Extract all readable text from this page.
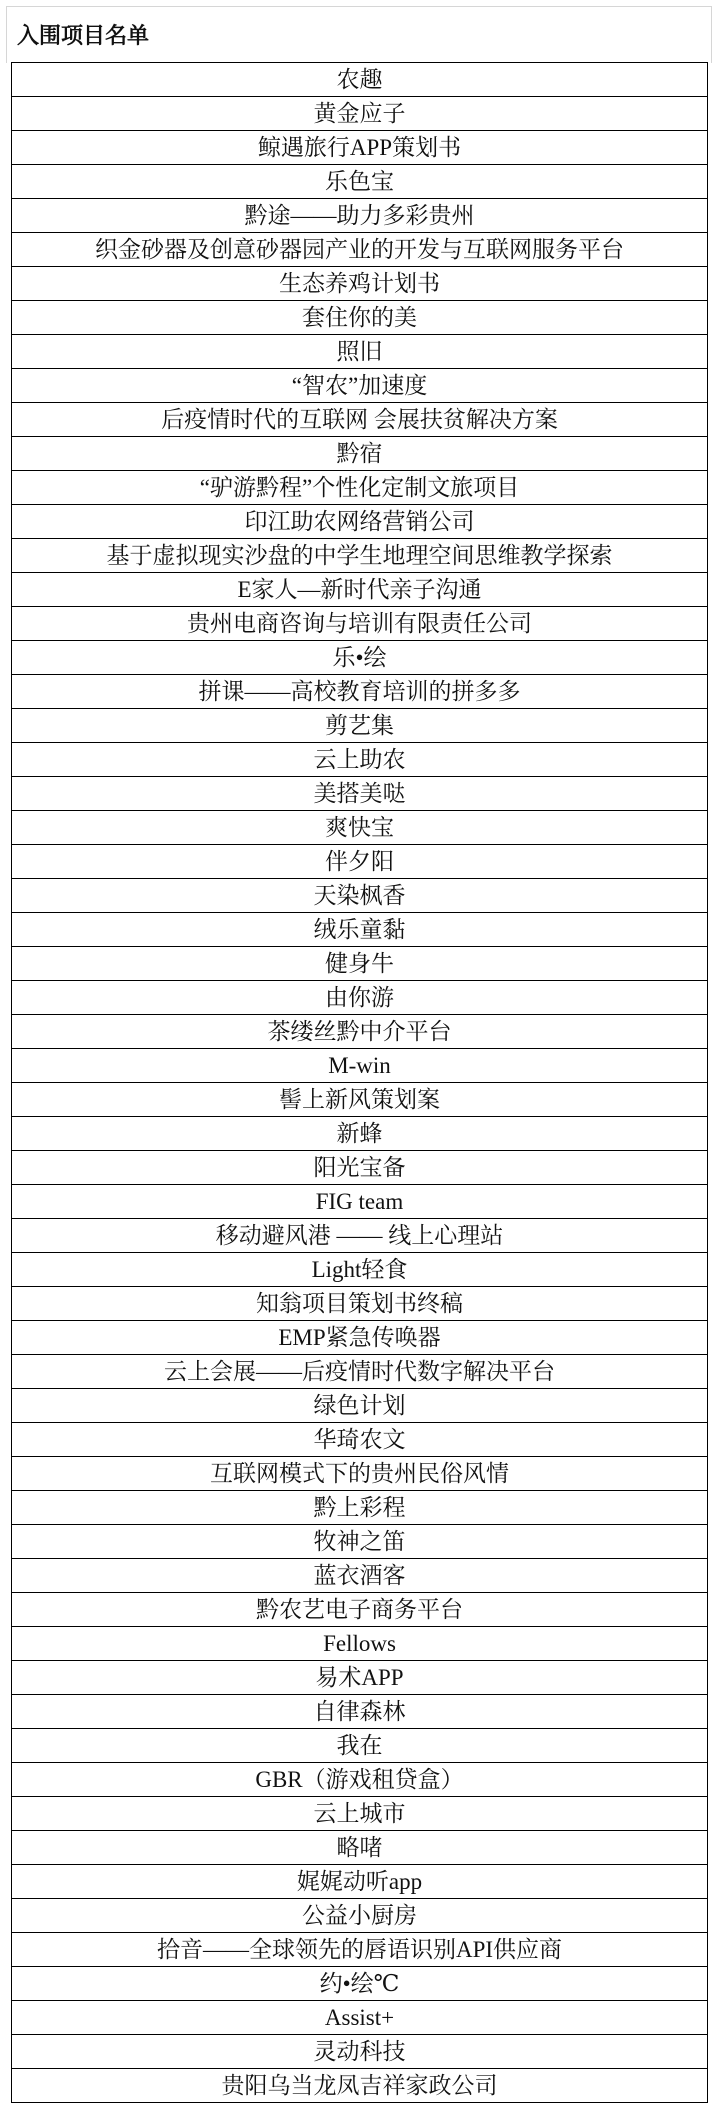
入围项目名单
农趣
黄金应子
鲸遇旅行APP策划书
乐色宝
黔途——助力多彩贵州
织金砂器及创意砂器园产业的开发与互联网服务平台
生态养鸡计划书
套住你的美
照旧
“智农”加速度
后疫情时代的互联网 会展扶贫解决方案
黔宿
“驴游黔程”个性化定制文旅项目
印江助农网络营销公司
基于虚拟现实沙盘的中学生地理空间思维教学探索
E家人—新时代亲子沟通
贵州电商咨询与培训有限责任公司
乐•绘
拼课——高校教育培训的拼多多
剪艺集
云上助农
美搭美哒
爽快宝
伴夕阳
天染枫香
绒乐童黏
健身牛
由你游
茶缕丝黔中介平台
M-win
髻上新风策划案
新蜂
阳光宝备
FIG team
移动避风港 —— 线上心理站
Light轻食
知翁项目策划书终稿
EMP紧急传唤器
云上会展——后疫情时代数字解决平台
绿色计划
华琦农文
互联网模式下的贵州民俗风情
黔上彩程
牧神之笛
蓝衣酒客
黔农艺电子商务平台
Fellows
易术APP
自律森林
我在
GBR（游戏租贷盒）
云上城市
略啫
娓娓动听app
公益小厨房
拾音——全球领先的唇语识别API供应商
约•绘℃
Assist+
灵动科技
贵阳乌当龙凤吉祥家政公司
